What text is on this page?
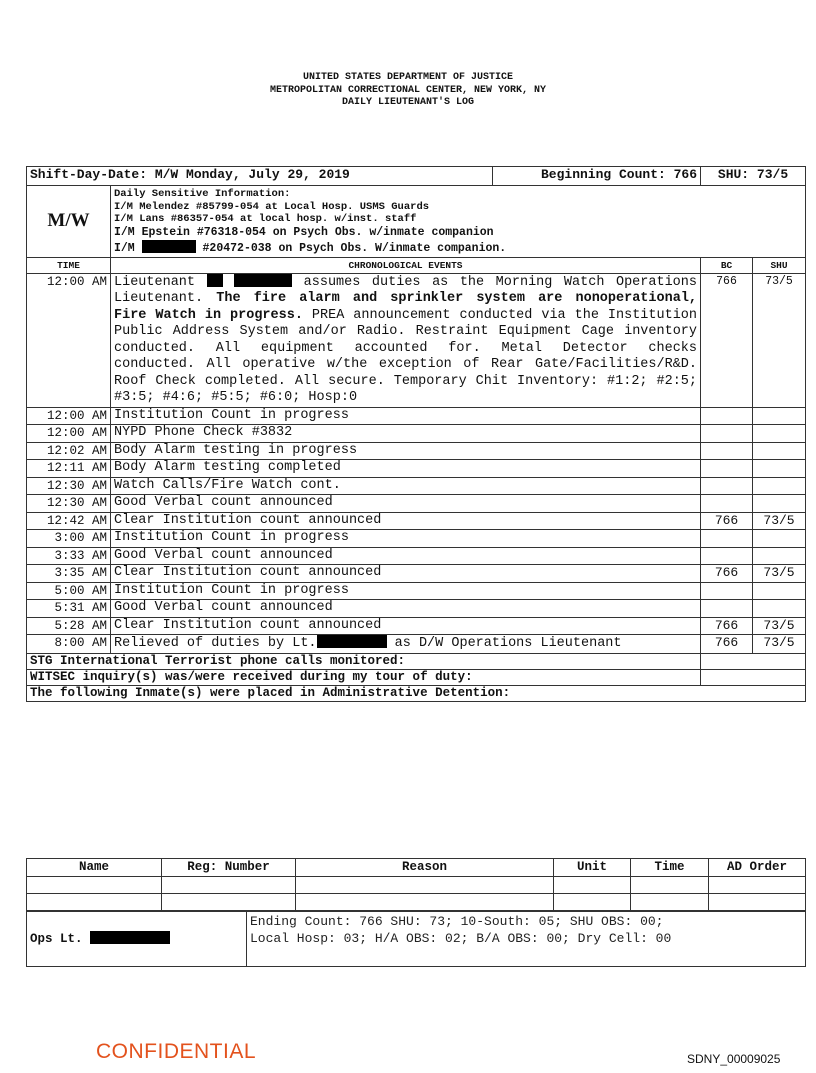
UNITED STATES DEPARTMENT OF JUSTICE
METROPOLITAN CORRECTIONAL CENTER, NEW YORK, NY
DAILY LIEUTENANT'S LOG
Shift-Day-Date: M/W Monday, July 29, 2019		Beginning Count: 766	SHU: 73/5	
M/W	Daily Sensitive Information:
I/M Melendez #85799-054 at Local Hosp. USMS Guards
I/M Lans #86357-054 at local hosp. w/inst. staff
I/M Epstein #76318-054 on Psych Obs. w/inmate companion
I/M #20472-038 on Psych Obs. W/inmate companion.			

TIME	CHRONOLOGICAL EVENTS		BC	SHU
12:00 AM	Lieutenant assumes duties as the Morning Watch Operations Lieutenant. The fire alarm and sprinkler system are nonoperational, Fire Watch in progress. PREA announcement conducted via the Institution Public Address System and/or Radio. Restraint Equipment Cage inventory conducted. All equipment accounted for. Metal Detector checks conducted. All operative w/the exception of Rear Gate/Facilities/R&D. Roof Check completed. All secure. Temporary Chit Inventory: #1:2; #2:5; #3:5; #4:6; #5:5; #6:0; Hosp:0		766	73/5
12:00 AM	Institution Count in progress			
12:00 AM	NYPD Phone Check #3832			
12:02 AM	Body Alarm testing in progress			
12:11 AM	Body Alarm testing completed			
12:30 AM	Watch Calls/Fire Watch cont.			
12:30 AM	Good Verbal count announced			
12:42 AM	Clear Institution count announced		766	73/5
3:00 AM	Institution Count in progress			
3:33 AM	Good Verbal count announced			
3:35 AM	Clear Institution count announced		766	73/5
5:00 AM	Institution Count in progress			
5:31 AM	Good Verbal count announced			
5:28 AM	Clear Institution count announced		766	73/5
8:00 AM	Relieved of duties by Lt. as D/W Operations Lieutenant		766	73/5
STG International Terrorist phone calls monitored:				
WITSEC inquiry(s) was/were received during my tour of duty:				
The following Inmate(s) were placed in Administrative Detention:				
Name	Reg: Number	Reason	Unit	Time	AD Order

Ops Lt.	
Ending Count: 766 SHU: 73; 10-South: 05; SHU OBS: 00;
Local Hosp: 03; H/A OBS: 02; B/A OBS: 00; Dry Cell: 00
CONFIDENTIAL	SDNY_00009025
